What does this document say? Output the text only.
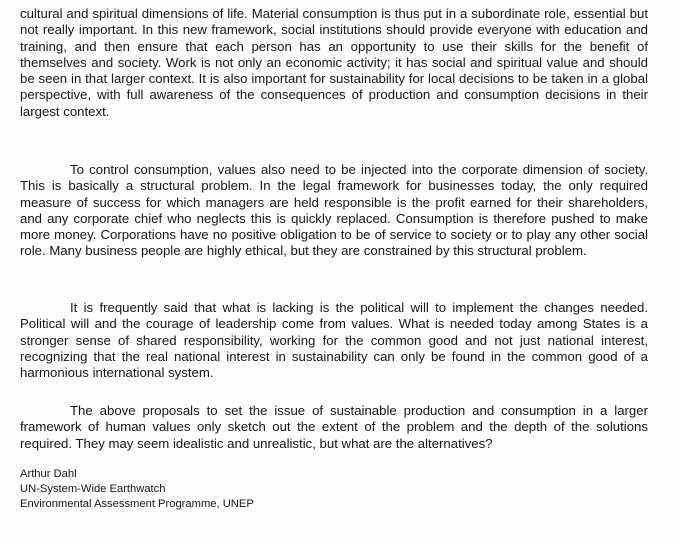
cultural and spiritual dimensions of life. Material consumption is thus put in a subordinate role, essential but not really important. In this new framework, social institutions should provide everyone with education and training, and then ensure that each person has an opportunity to use their skills for the benefit of themselves and society. Work is not only an economic activity; it has social and spiritual value and should be seen in that larger context. It is also important for sustainability for local decisions to be taken in a global perspective, with full awareness of the consequences of production and consumption decisions in their largest context.

To control consumption, values also need to be injected into the corporate dimension of society. This is basically a structural problem. In the legal framework for businesses today, the only required measure of success for which managers are held responsible is the profit earned for their shareholders, and any corporate chief who neglects this is quickly replaced. Consumption is therefore pushed to make more money. Corporations have no positive obligation to be of service to society or to play any other social role. Many business people are highly ethical, but they are constrained by this structural problem.

It is frequently said that what is lacking is the political will to implement the changes needed. Political will and the courage of leadership come from values. What is needed today among States is a stronger sense of shared responsibility, working for the common good and not just national interest, recognizing that the real national interest in sustainability can only be found in the common good of a harmonious international system.

The above proposals to set the issue of sustainable production and consumption in a larger framework of human values only sketch out the extent of the problem and the depth of the solutions required. They may seem idealistic and unrealistic, but what are the alternatives?

Arthur Dahl
UN-System-Wide Earthwatch
Environmental Assessment Programme, UNEP
